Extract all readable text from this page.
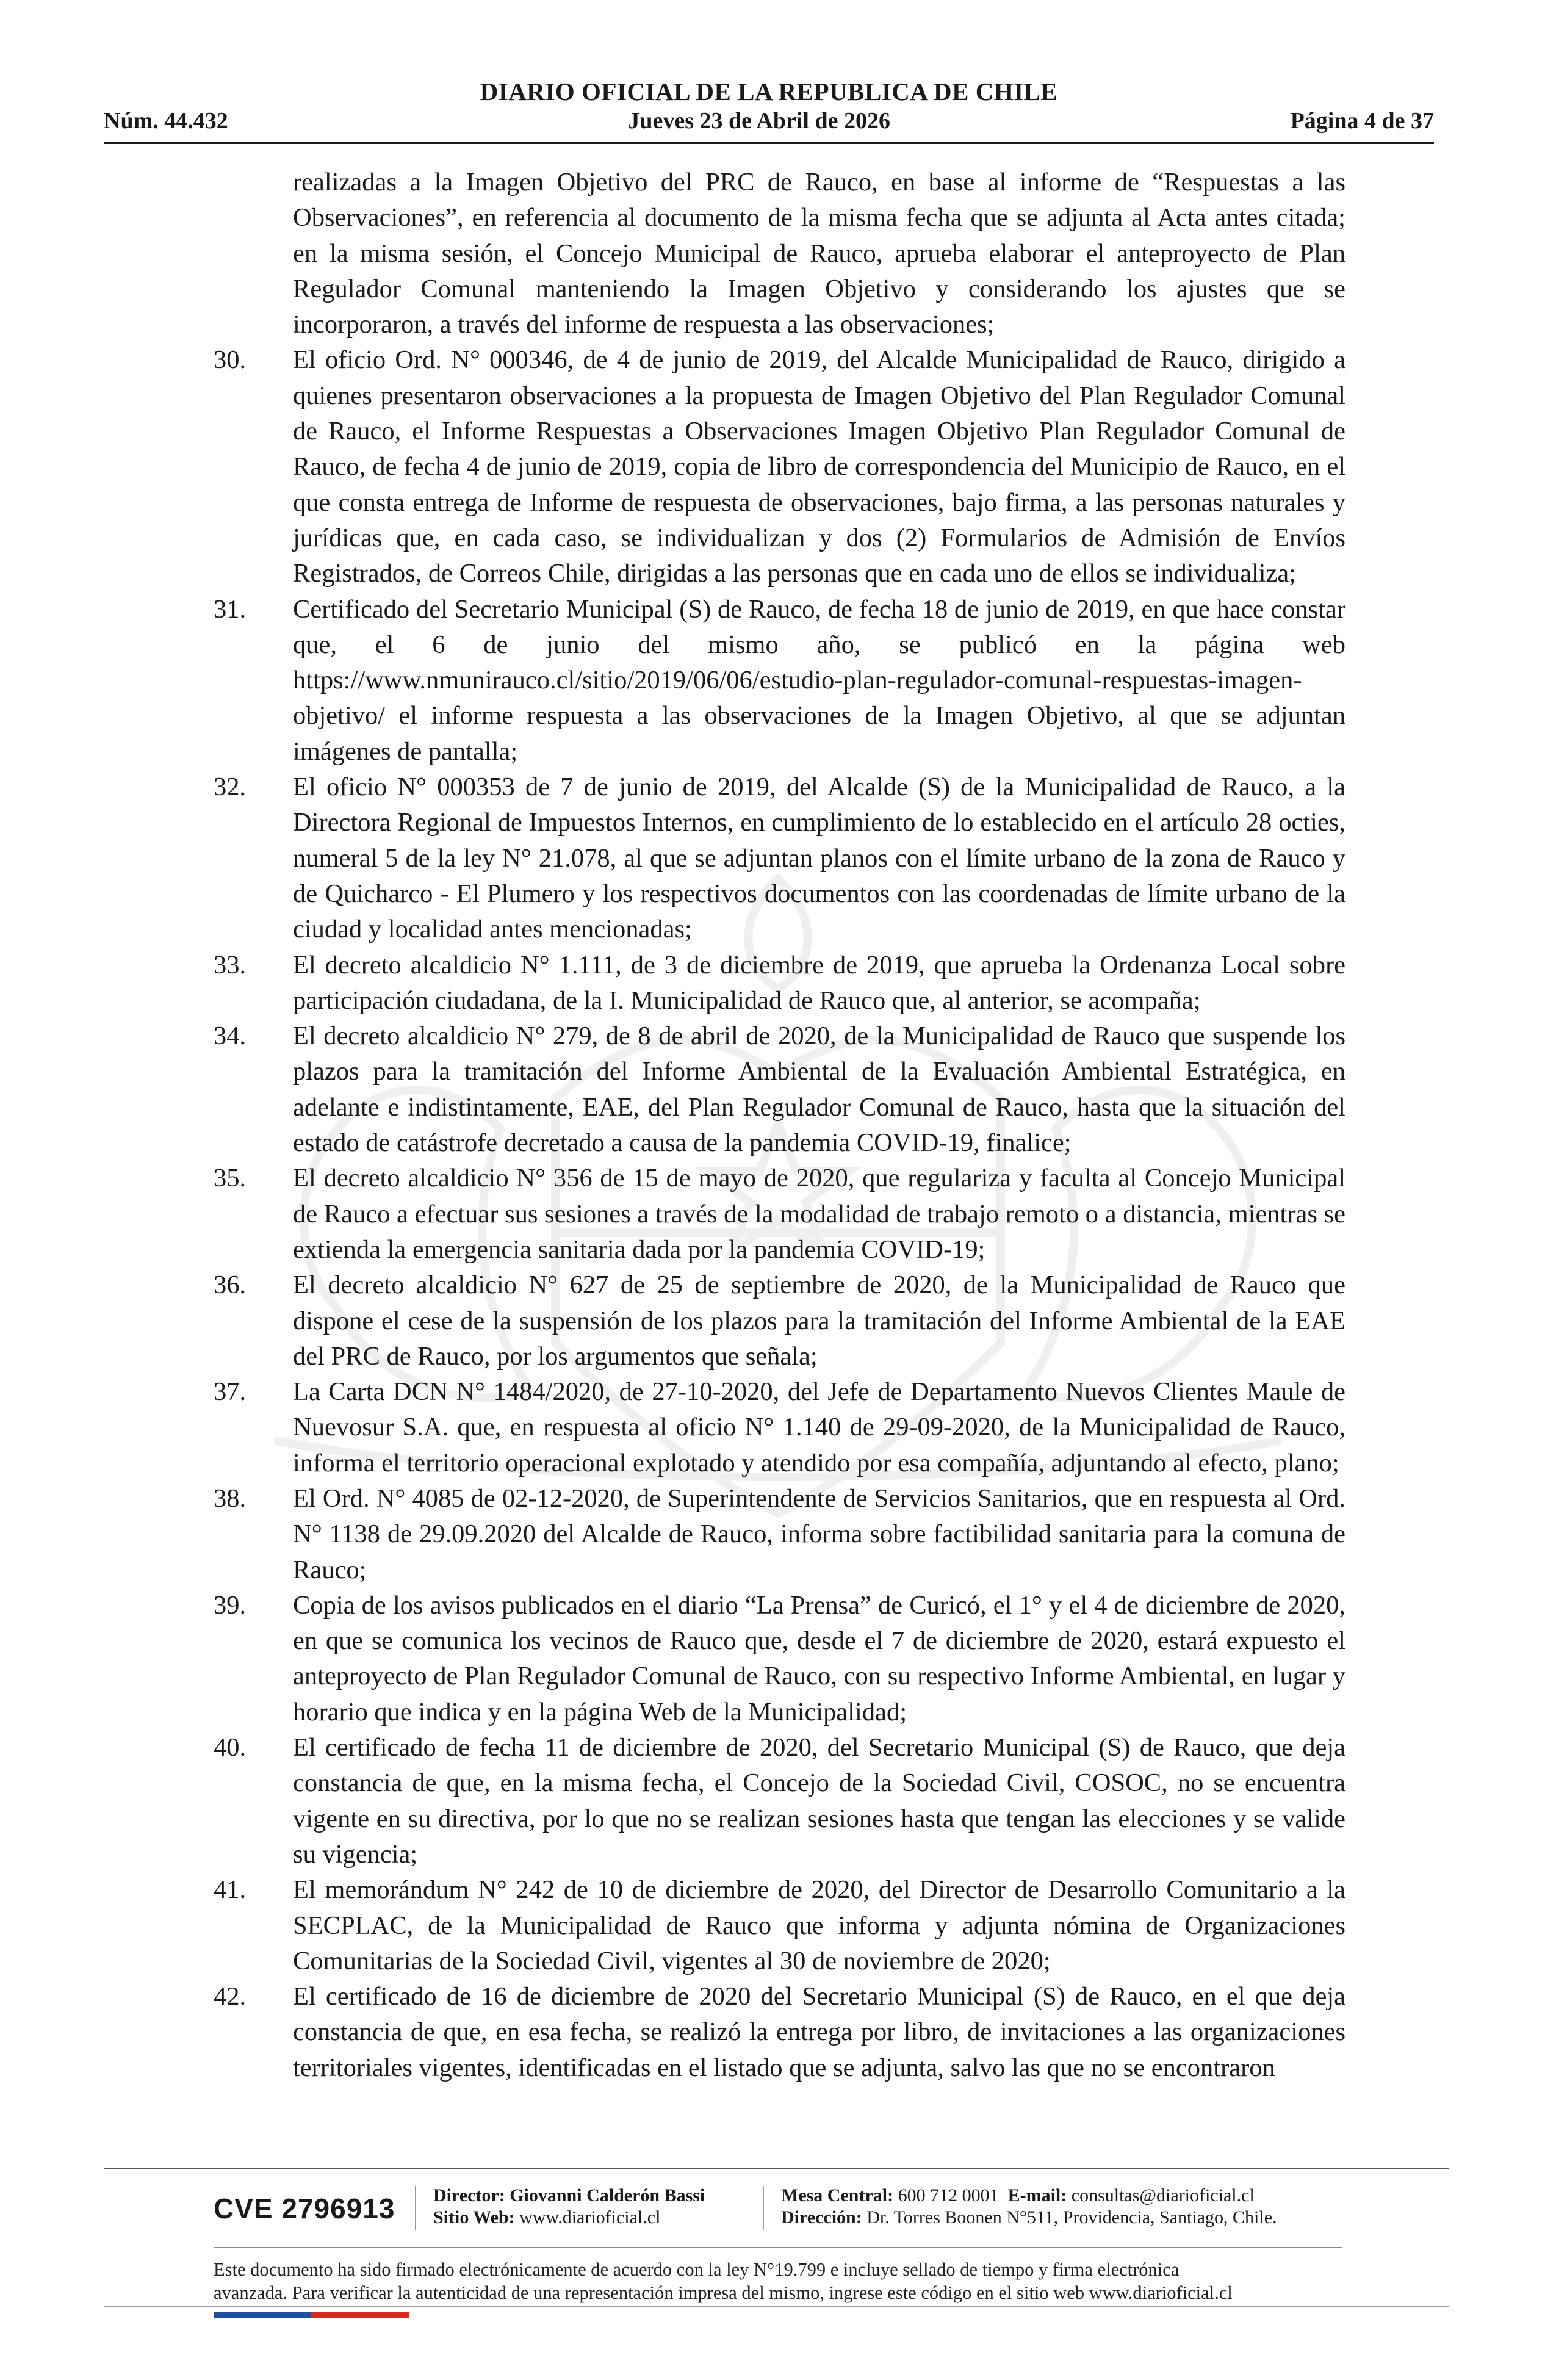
DIARIO OFICIAL DE LA REPUBLICA DE CHILE
Núm. 44.432	Jueves 23 de Abril de 2026	Página 4 de 37

realizadas a la Imagen Objetivo del PRC de Rauco, en base al informe de “Respuestas a las Observaciones”, en referencia al documento de la misma fecha que se adjunta al Acta antes citada; en la misma sesión, el Concejo Municipal de Rauco, aprueba elaborar el anteproyecto de Plan Regulador Comunal manteniendo la Imagen Objetivo y considerando los ajustes que se incorporaron, a través del informe de respuesta a las observaciones;

30.	El oficio Ord. N° 000346, de 4 de junio de 2019, del Alcalde Municipalidad de Rauco, dirigido a quienes presentaron observaciones a la propuesta de Imagen Objetivo del Plan Regulador Comunal de Rauco, el Informe Respuestas a Observaciones Imagen Objetivo Plan Regulador Comunal de Rauco, de fecha 4 de junio de 2019, copia de libro de correspondencia del Municipio de Rauco, en el que consta entrega de Informe de respuesta de observaciones, bajo firma, a las personas naturales y jurídicas que, en cada caso, se individualizan y dos (2) Formularios de Admisión de Envíos Registrados, de Correos Chile, dirigidas a las personas que en cada uno de ellos se individualiza;
31.	Certificado del Secretario Municipal (S) de Rauco, de fecha 18 de junio de 2019, en que hace constar que, el 6 de junio del mismo año, se publicó en la página web https://www.nmunirauco.cl/sitio/2019/06/06/estudio-plan-regulador-comunal-respuestas-imagen-objetivo/ el informe respuesta a las observaciones de la Imagen Objetivo, al que se adjuntan imágenes de pantalla;
32.	El oficio N° 000353 de 7 de junio de 2019, del Alcalde (S) de la Municipalidad de Rauco, a la Directora Regional de Impuestos Internos, en cumplimiento de lo establecido en el artículo 28 octies, numeral 5 de la ley N° 21.078, al que se adjuntan planos con el límite urbano de la zona de Rauco y de Quicharco - El Plumero y los respectivos documentos con las coordenadas de límite urbano de la ciudad y localidad antes mencionadas;
33.	El decreto alcaldicio N° 1.111, de 3 de diciembre de 2019, que aprueba la Ordenanza Local sobre participación ciudadana, de la I. Municipalidad de Rauco que, al anterior, se acompaña;
34.	El decreto alcaldicio N° 279, de 8 de abril de 2020, de la Municipalidad de Rauco que suspende los plazos para la tramitación del Informe Ambiental de la Evaluación Ambiental Estratégica, en adelante e indistintamente, EAE, del Plan Regulador Comunal de Rauco, hasta que la situación del estado de catástrofe decretado a causa de la pandemia COVID-19, finalice;
35.	El decreto alcaldicio N° 356 de 15 de mayo de 2020, que regulariza y faculta al Concejo Municipal de Rauco a efectuar sus sesiones a través de la modalidad de trabajo remoto o a distancia, mientras se extienda la emergencia sanitaria dada por la pandemia COVID-19;
36.	El decreto alcaldicio N° 627 de 25 de septiembre de 2020, de la Municipalidad de Rauco que dispone el cese de la suspensión de los plazos para la tramitación del Informe Ambiental de la EAE del PRC de Rauco, por los argumentos que señala;
37.	La Carta DCN N° 1484/2020, de 27-10-2020, del Jefe de Departamento Nuevos Clientes Maule de Nuevosur S.A. que, en respuesta al oficio N° 1.140 de 29-09-2020, de la Municipalidad de Rauco, informa el territorio operacional explotado y atendido por esa compañía, adjuntando al efecto, plano;
38.	El Ord. N° 4085 de 02-12-2020, de Superintendente de Servicios Sanitarios, que en respuesta al Ord. N° 1138 de 29.09.2020 del Alcalde de Rauco, informa sobre factibilidad sanitaria para la comuna de Rauco;
39.	Copia de los avisos publicados en el diario “La Prensa” de Curicó, el 1° y el 4 de diciembre de 2020, en que se comunica los vecinos de Rauco que, desde el 7 de diciembre de 2020, estará expuesto el anteproyecto de Plan Regulador Comunal de Rauco, con su respectivo Informe Ambiental, en lugar y horario que indica y en la página Web de la Municipalidad;
40.	El certificado de fecha 11 de diciembre de 2020, del Secretario Municipal (S) de Rauco, que deja constancia de que, en la misma fecha, el Concejo de la Sociedad Civil, COSOC, no se encuentra vigente en su directiva, por lo que no se realizan sesiones hasta que tengan las elecciones y se valide su vigencia;
41.	El memorándum N° 242 de 10 de diciembre de 2020, del Director de Desarrollo Comunitario a la SECPLAC, de la Municipalidad de Rauco que informa y adjunta nómina de Organizaciones Comunitarias de la Sociedad Civil, vigentes al 30 de noviembre de 2020;
42.	El certificado de 16 de diciembre de 2020 del Secretario Municipal (S) de Rauco, en el que deja constancia de que, en esa fecha, se realizó la entrega por libro, de invitaciones a las organizaciones territoriales vigentes, identificadas en el listado que se adjunta, salvo las que no se encontraron
CVE 2796913 Director: Giovanni Calderón Bassi
Sitio Web: www.diarioficial.cl
Mesa Central: 600 712 0001 E-mail: consultas@diarioficial.cl
Dirección: Dr. Torres Boonen N°511, Providencia, Santiago, Chile.
Este documento ha sido firmado electrónicamente de acuerdo con la ley N°19.799 e incluye sellado de tiempo y firma electrónica
avanzada. Para verificar la autenticidad de una representación impresa del mismo, ingrese este código en el sitio web www.diarioficial.cl
